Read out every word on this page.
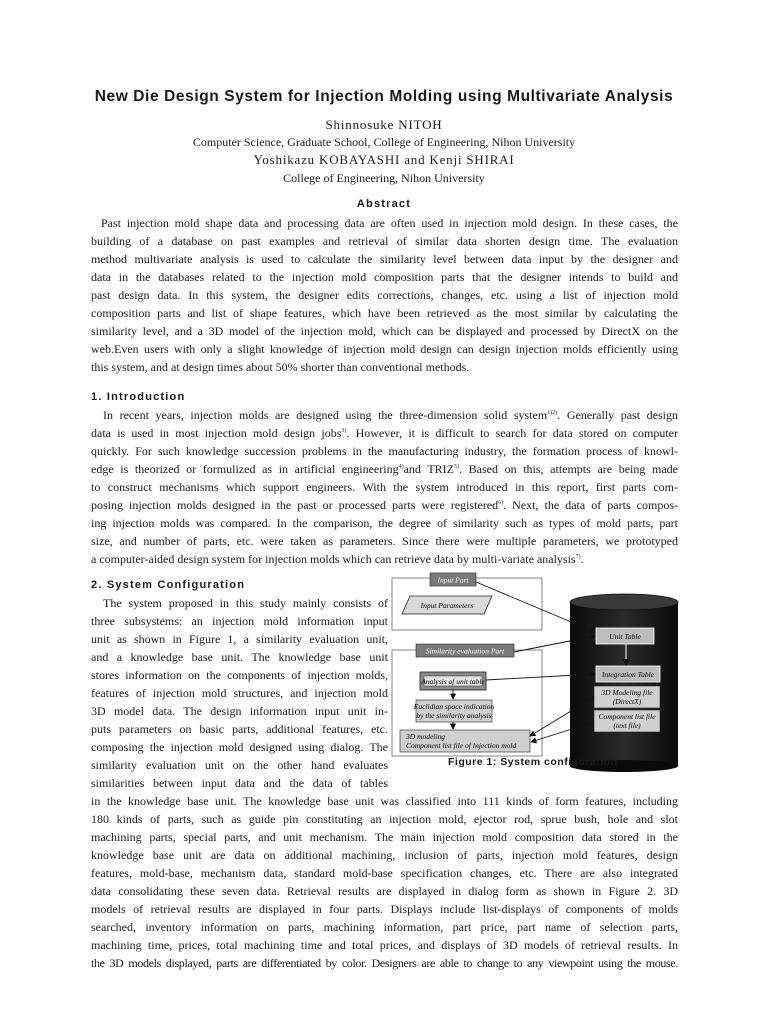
New Die Design System for Injection Molding using Multivariate Analysis
Shinnosuke NITOH
Computer Science, Graduate School, College of Engineering, Nihon University
Yoshikazu KOBAYASHI and Kenji SHIRAI
College of Engineering, Nihon University
Abstract
Past injection mold shape data and processing data are often used in injection mold design. In these cases, the
building of a database on past examples and retrieval of similar data shorten design time. The evaluation
method multivariate analysis is used to calculate the similarity level between data input by the designer and
data in the databases related to the injection mold composition parts that the designer intends to build and
past design data. In this system, the designer edits corrections, changes, etc. using a list of injection mold
composition parts and list of shape features, which have been retrieved as the most similar by calculating the
similarity level, and a 3D model of the injection mold, which can be displayed and processed by DirectX on the
web.Even users with only a slight knowledge of injection mold design can design injection molds efficiently using
this system, and at design times about 50% shorter than conventional methods.
1. Introduction
In recent years, injection molds are designed using the three-dimension solid system$^{1)2)}$. Generally past design
data is used in most injection mold design jobs$^{3)}$. However, it is difficult to search for data stored on computer
quickly. For such knowledge succession problems in the manufacturing industry, the formation process of knowl-
edge is theorized or formulized as in artificial engineering$^{4)}$and TRIZ$^{5)}$. Based on this, attempts are being made
to construct mechanisms which support engineers. With the system introduced in this report, first parts com-
posing injection molds designed in the past or processed parts were registered$^{6)}$. Next, the data of parts compos-
ing injection molds was compared. In the comparison, the degree of similarity such as types of mold parts, part
size, and number of parts, etc. were taken as parameters. Since there were multiple parameters, we prototyped
a computer-aided design system for injection molds which can retrieve data by multi-variate analysis$^{7)}$.
2. System Configuration
The system proposed in this study mainly consists of
three subsystems: an injection mold information input
unit as shown in Figure 1, a similarity evaluation unit,
and a knowledge base unit. The knowledge base unit
stores information on the components of injection molds,
features of injection mold structures, and injection mold
3D model data. The design information input unit in-
puts parameters on basic parts, additional features, etc.
composing the injection mold designed using dialog. The
similarity evaluation unit on the other hand evaluates
similarities between input data and the data of tables
in the knowledge base unit. The knowledge base unit was classified into 111 kinds of form features, including
180 kinds of parts, such as guide pin constituting an injection mold, ejector rod, sprue bush, hole and slot
machining parts, special parts, and unit mechanism. The main injection mold composition data stored in the
knowledge base unit are data on additional machining, inclusion of parts, injection mold features, design
features, mold-base, mechanism data, standard mold-base specification changes, etc. There are also integrated
data consolidating these seven data. Retrieval results are displayed in dialog form as shown in Figure 2. 3D
models of retrieval results are displayed in four parts. Displays include list-displays of components of molds
searched, inventory information on parts, machining information, part price, part name of selection parts,
machining time, prices, total machining time and total prices, and displays of 3D models of retrieval results. In
the 3D models displayed, parts are differentiated by color. Designers are able to change to any viewpoint using the mouse.
Input Part
Input Parameters
Similarity evaluation Part
Analysis of unit table
Euclidian space indication
by the similarity analysis
3D modeling
Component list file of Injection mold
Unit Table
Integration Table
3D Modeling file
(DirectX)
Component list file
(text file)
Figure 1: System configuration
